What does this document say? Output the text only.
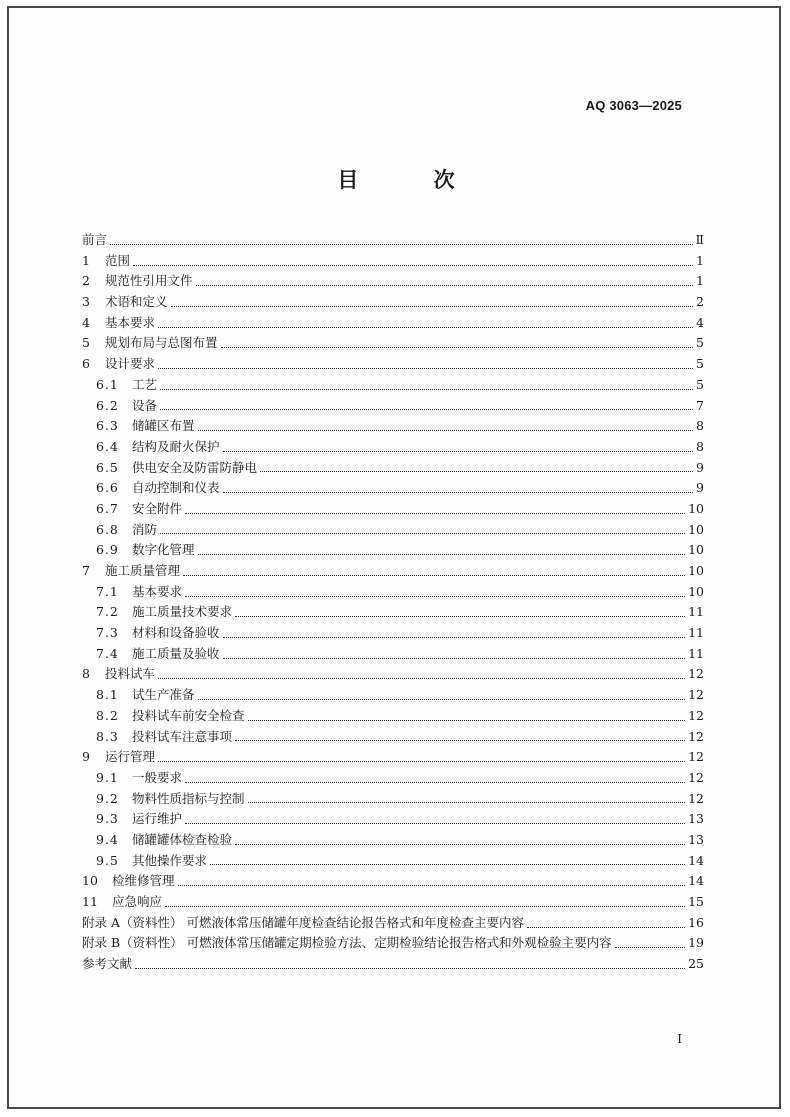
AQ 3063—2025
目 次
前言	Ⅱ
1	范围	1
2	规范性引用文件	1
3	术语和定义	2
4	基本要求	4
5	规划布局与总图布置	5
6	设计要求	5
6.1	工艺	5
6.2	设备	7
6.3	储罐区布置	8
6.4	结构及耐火保护	8
6.5	供电安全及防雷防静电	9
6.6	自动控制和仪表	9
6.7	安全附件	10
6.8	消防	10
6.9	数字化管理	10
7	施工质量管理	10
7.1	基本要求	10
7.2	施工质量技术要求	11
7.3	材料和设备验收	11
7.4	施工质量及验收	11
8	投料试车	12
8.1	试生产准备	12
8.2	投料试车前安全检查	12
8.3	投料试车注意事项	12
9	运行管理	12
9.1	一般要求	12
9.2	物料性质指标与控制	12
9.3	运行维护	13
9.4	储罐罐体检查检验	13
9.5	其他操作要求	14
10	检维修管理	14
11	应急响应	15
附录 A（资料性） 可燃液体常压储罐年度检查结论报告格式和年度检查主要内容	16
附录 B（资料性） 可燃液体常压储罐定期检验方法、定期检验结论报告格式和外观检验主要内容	19
参考文献	25
Ⅰ
